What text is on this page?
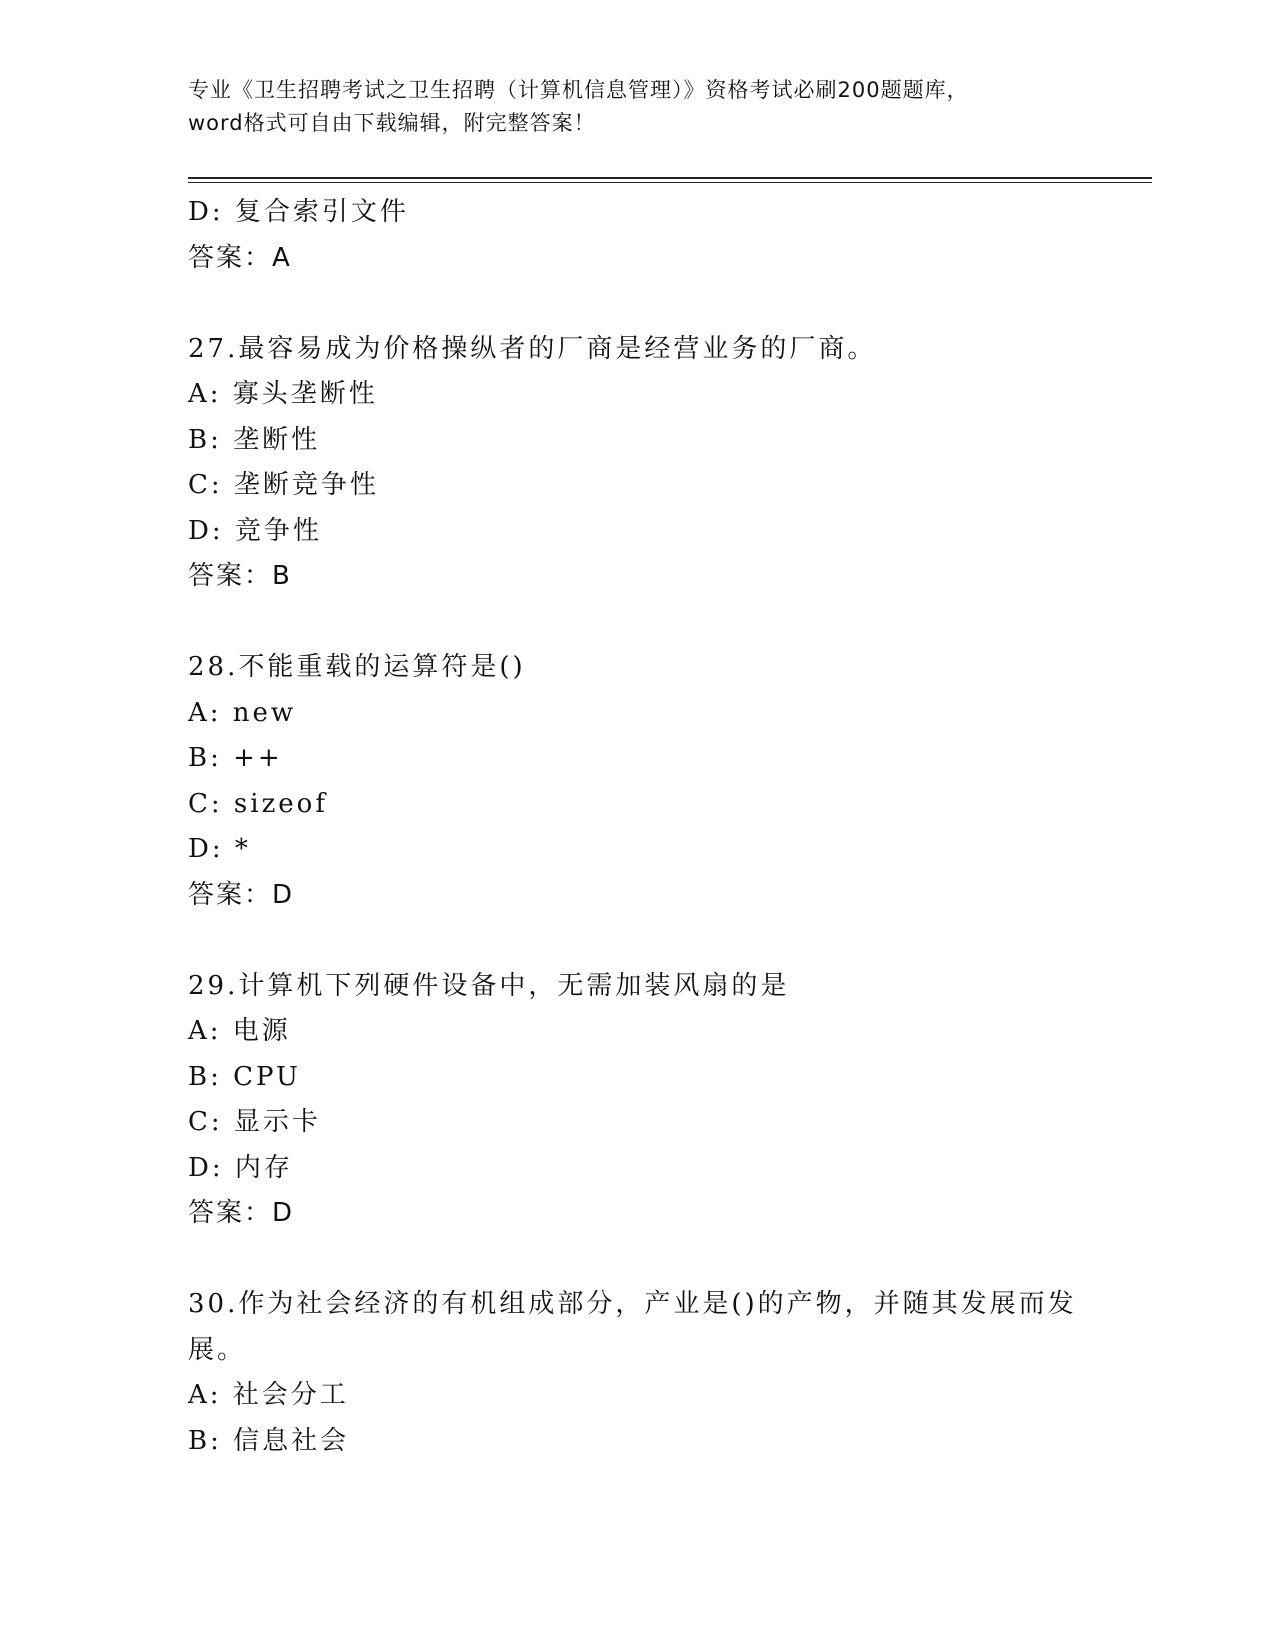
专业《卫生招聘考试之卫生招聘（计算机信息管理）》资格考试必刷200题题库，
word格式可自由下载编辑，附完整答案！
D: 复合索引文件
答案：A
27.最容易成为价格操纵者的厂商是经营业务的厂商。
A: 寡头垄断性
B: 垄断性
C: 垄断竞争性
D: 竞争性
答案：B
28.不能重载的运算符是()
A: new
B: ++
C: sizeof
D: *
答案：D
29.计算机下列硬件设备中，无需加装风扇的是
A: 电源
B: CPU
C: 显示卡
D: 内存
答案：D
30.作为社会经济的有机组成部分，产业是()的产物，并随其发展而发展。
A: 社会分工
B: 信息社会
